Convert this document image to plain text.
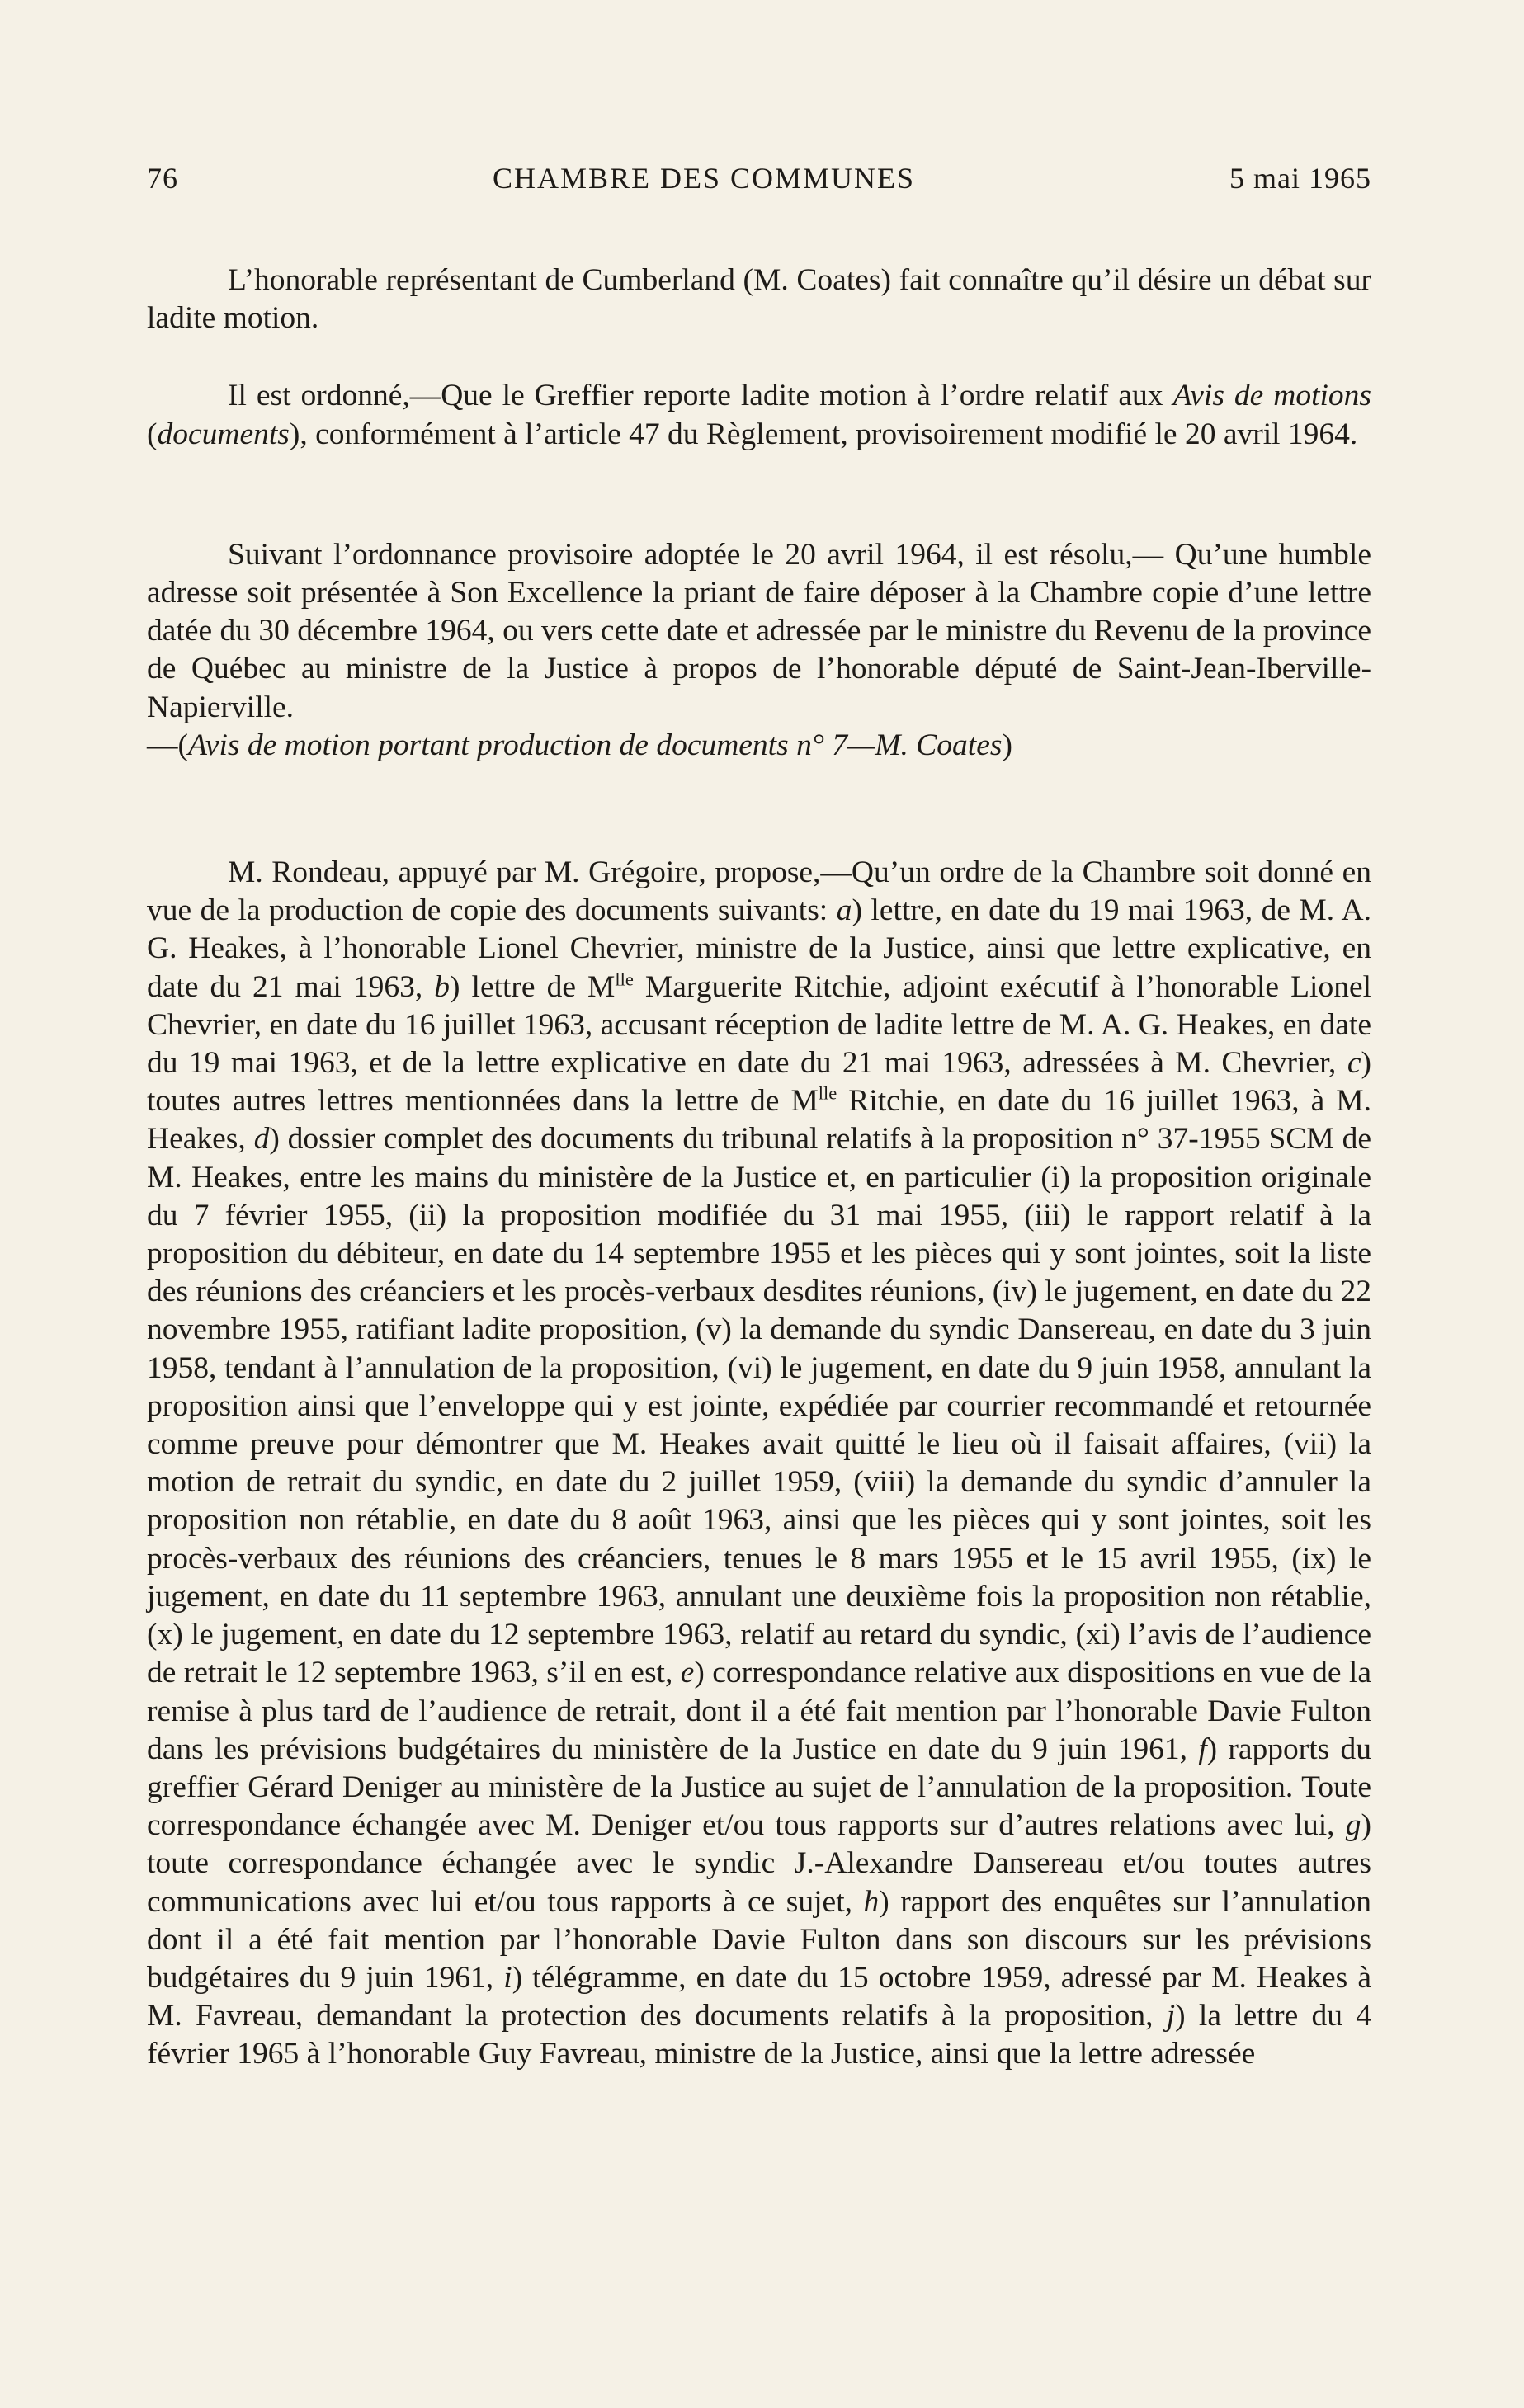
76	CHAMBRE DES COMMUNES	5 mai 1965

L’honorable représentant de Cumberland (M. Coates) fait connaître qu’il désire un débat sur ladite motion.

Il est ordonné,—Que le Greffier reporte ladite motion à l’ordre relatif aux Avis de motions (documents), conformément à l’article 47 du Règlement, provisoirement modifié le 20 avril 1964.

Suivant l’ordonnance provisoire adoptée le 20 avril 1964, il est résolu,— Qu’une humble adresse soit présentée à Son Excellence la priant de faire déposer à la Chambre copie d’une lettre datée du 30 décembre 1964, ou vers cette date et adressée par le ministre du Revenu de la province de Québec au ministre de la Justice à propos de l’honorable député de Saint-Jean-Iberville-Napierville.
—(Avis de motion portant production de documents n° 7—M. Coates)

M. Rondeau, appuyé par M. Grégoire, propose,—Qu’un ordre de la Chambre soit donné en vue de la production de copie des documents suivants: a) lettre, en date du 19 mai 1963, de M. A. G. Heakes, à l’honorable Lionel Chevrier, ministre de la Justice, ainsi que lettre explicative, en date du 21 mai 1963, b) lettre de $M^{lle}$ Marguerite Ritchie, adjoint exécutif à l’honorable Lionel Chevrier, en date du 16 juillet 1963, accusant réception de ladite lettre de M. A. G. Heakes, en date du 19 mai 1963, et de la lettre explicative en date du 21 mai 1963, adressées à M. Chevrier, c) toutes autres lettres mentionnées dans la lettre de $M^{lle}$ Ritchie, en date du 16 juillet 1963, à M. Heakes, d) dossier complet des documents du tribunal relatifs à la proposition n° 37-1955 SCM de M. Heakes, entre les mains du ministère de la Justice et, en particulier (i) la proposition originale du 7 février 1955, (ii) la proposition modifiée du 31 mai 1955, (iii) le rapport relatif à la proposition du débiteur, en date du 14 septembre 1955 et les pièces qui y sont jointes, soit la liste des réunions des créanciers et les procès-verbaux desdites réunions, (iv) le jugement, en date du 22 novembre 1955, ratifiant ladite proposition, (v) la demande du syndic Dansereau, en date du 3 juin 1958, tendant à l’annulation de la proposition, (vi) le jugement, en date du 9 juin 1958, annulant la proposition ainsi que l’enveloppe qui y est jointe, expédiée par courrier recommandé et retournée comme preuve pour démontrer que M. Heakes avait quitté le lieu où il faisait affaires, (vii) la motion de retrait du syndic, en date du 2 juillet 1959, (viii) la demande du syndic d’annuler la proposition non rétablie, en date du 8 août 1963, ainsi que les pièces qui y sont jointes, soit les procès-verbaux des réunions des créanciers, tenues le 8 mars 1955 et le 15 avril 1955, (ix) le jugement, en date du 11 septembre 1963, annulant une deuxième fois la proposition non rétablie, (x) le jugement, en date du 12 septembre 1963, relatif au retard du syndic, (xi) l’avis de l’audience de retrait le 12 septembre 1963, s’il en est, e) correspondance relative aux dispositions en vue de la remise à plus tard de l’audience de retrait, dont il a été fait mention par l’honorable Davie Fulton dans les prévisions budgétaires du ministère de la Justice en date du 9 juin 1961, f) rapports du greffier Gérard Deniger au ministère de la Justice au sujet de l’annulation de la proposition. Toute correspondance échangée avec M. Deniger et/ou tous rapports sur d’autres relations avec lui, g) toute correspondance échangée avec le syndic J.-Alexandre Dansereau et/ou toutes autres communications avec lui et/ou tous rapports à ce sujet, h) rapport des enquêtes sur l’annulation dont il a été fait mention par l’honorable Davie Fulton dans son discours sur les prévisions budgétaires du 9 juin 1961, i) télégramme, en date du 15 octobre 1959, adressé par M. Heakes à M. Favreau, demandant la protection des documents relatifs à la proposition, j) la lettre du 4 février 1965 à l’honorable Guy Favreau, ministre de la Justice, ainsi que la lettre adressée
